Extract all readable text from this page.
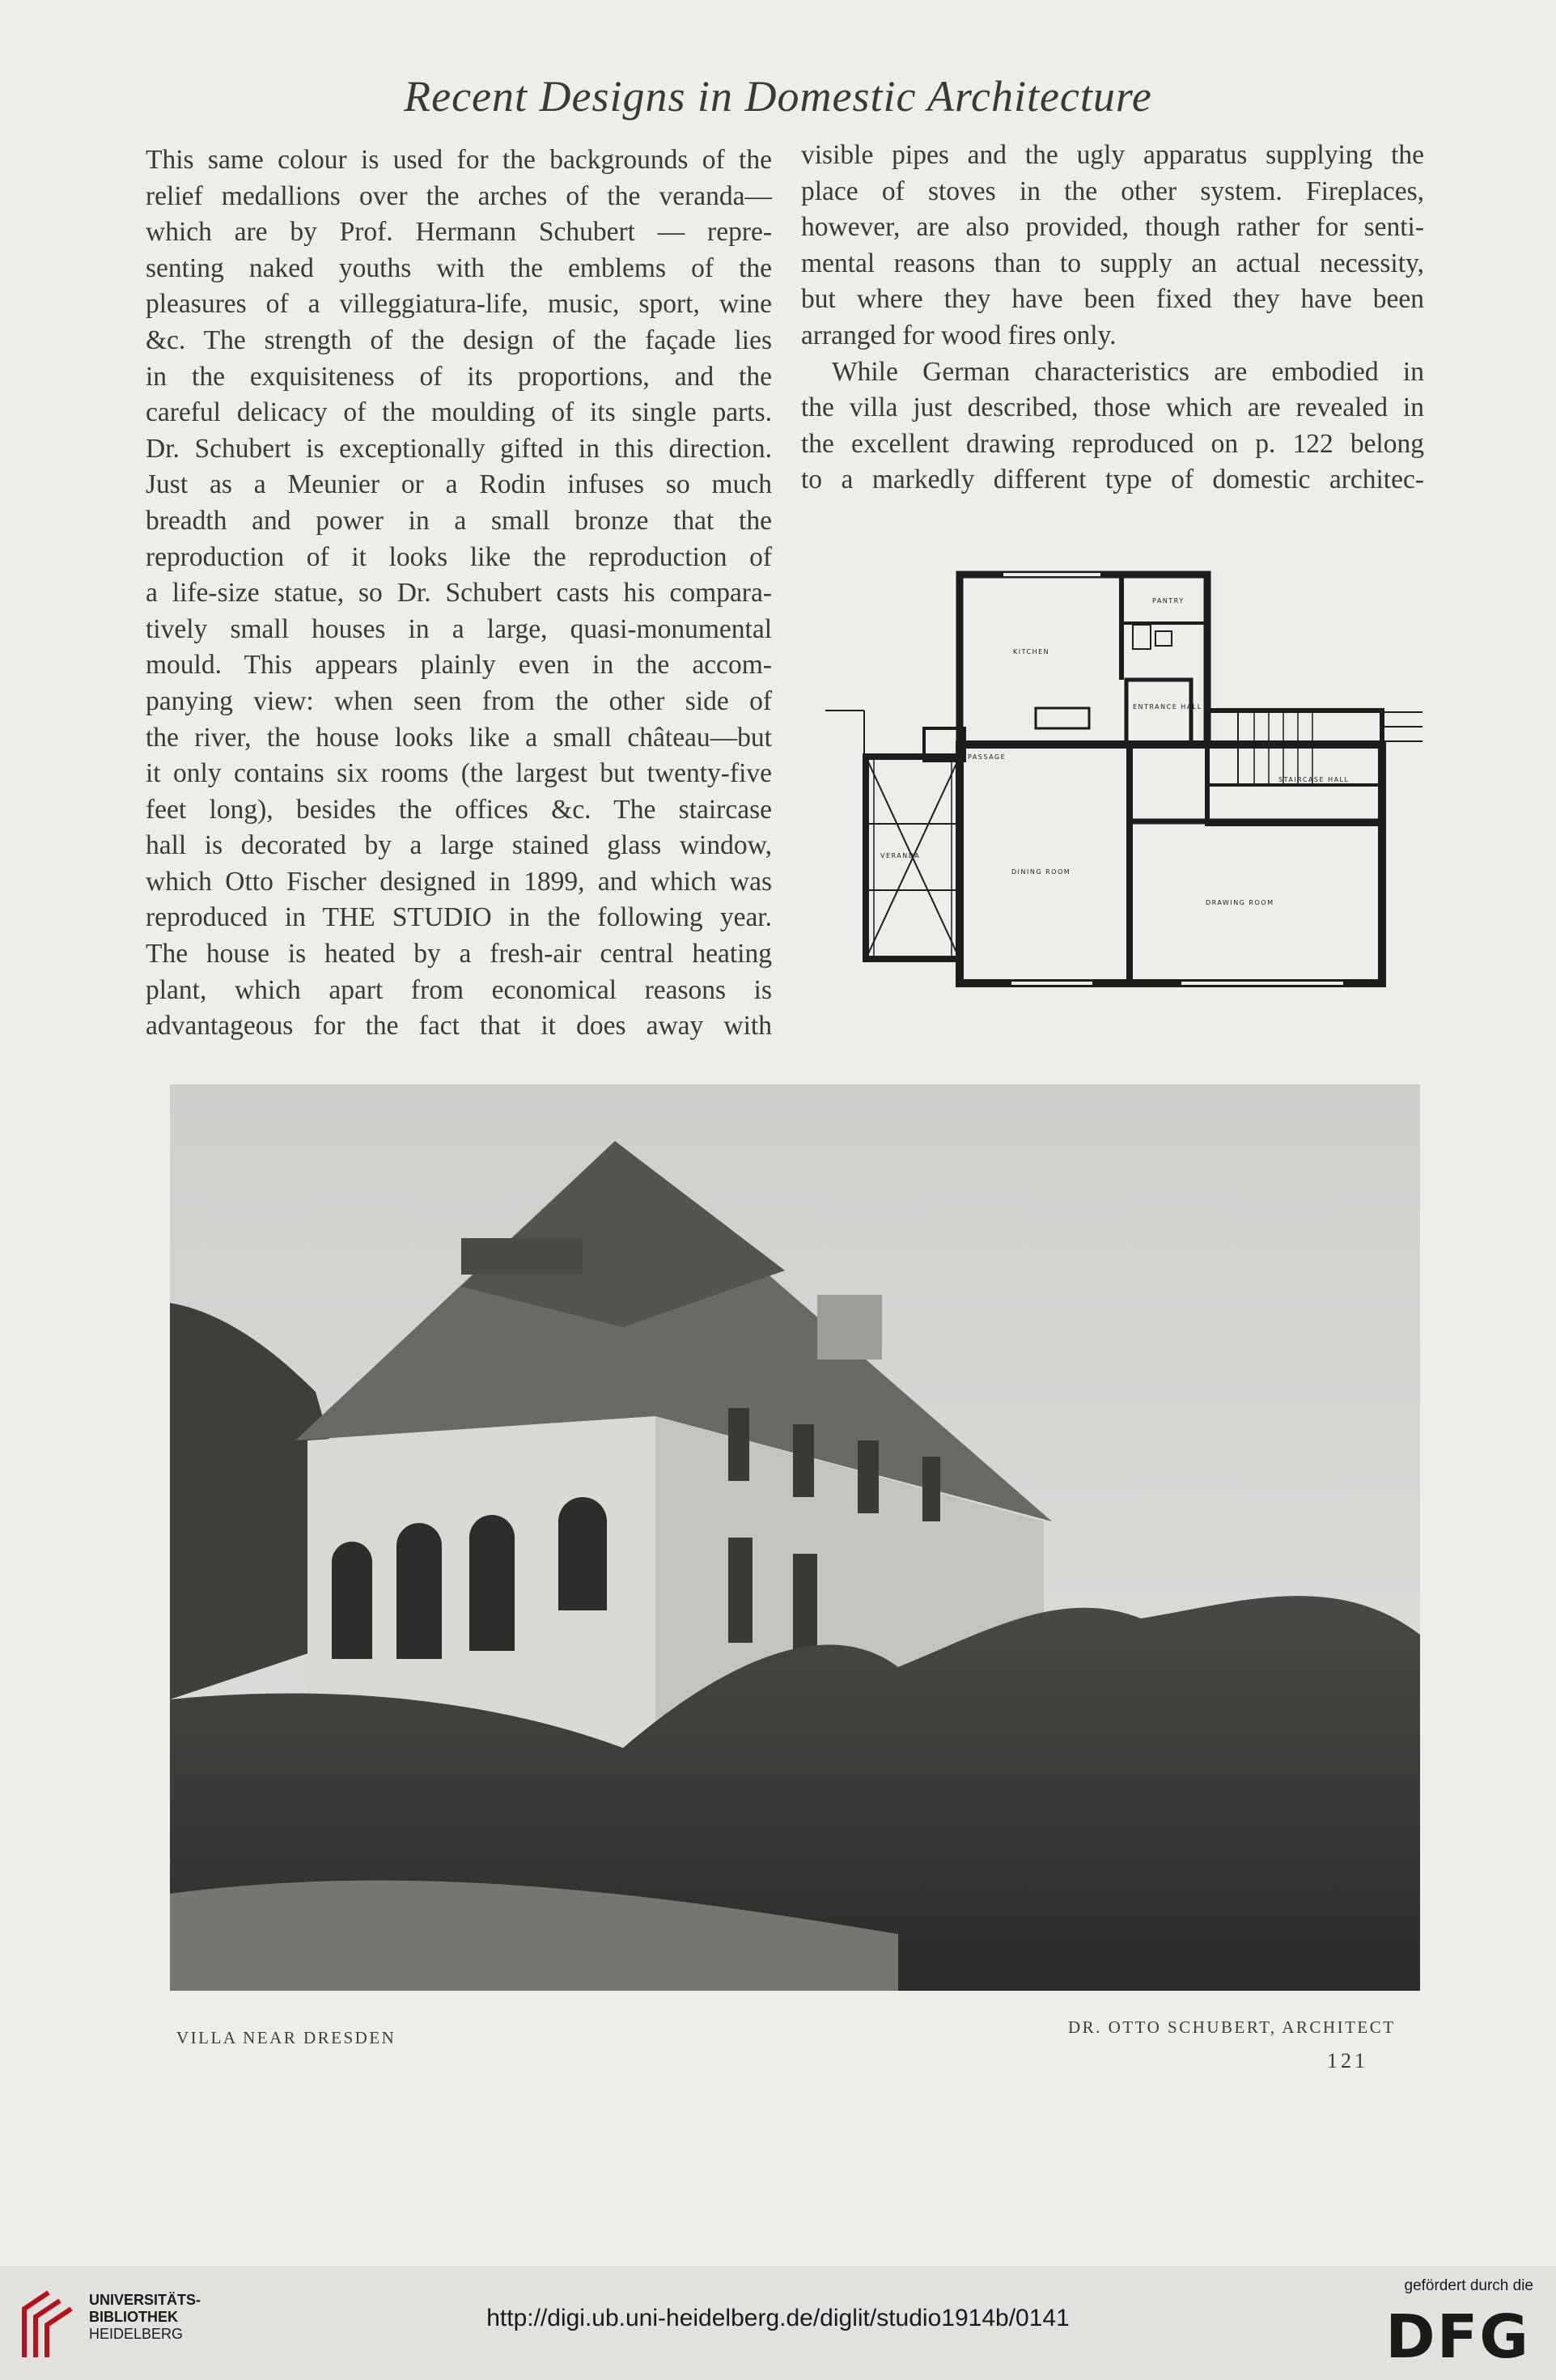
Recent Designs in Domestic Architecture
This same colour is used for the backgrounds of the
relief medallions over the arches of the veranda—
which are by Prof. Hermann Schubert — repre-
senting naked youths with the emblems of the
pleasures of a villeggiatura-life, music, sport, wine
&c. The strength of the design of the façade lies
in the exquisiteness of its proportions, and the
careful delicacy of the moulding of its single parts.
Dr. Schubert is exceptionally gifted in this direction.
Just as a Meunier or a Rodin infuses so much
breadth and power in a small bronze that the
reproduction of it looks like the reproduction of
a life-size statue, so Dr. Schubert casts his compara-
tively small houses in a large, quasi-monumental
mould. This appears plainly even in the accom-
panying view: when seen from the other side of
the river, the house looks like a small château—but
it only contains six rooms (the largest but twenty-five
feet long), besides the offices &c. The staircase
hall is decorated by a large stained glass window,
which Otto Fischer designed in 1899, and which was
reproduced in THE STUDIO in the following year.
The house is heated by a fresh-air central heating
plant, which apart from economical reasons is
advantageous for the fact that it does away with
visible pipes and the ugly apparatus supplying the
place of stoves in the other system. Fireplaces,
however, are also provided, though rather for senti-
mental reasons than to supply an actual necessity,
but where they have been fixed they have been
arranged for wood fires only.
While German characteristics are embodied in
the villa just described, those which are revealed in
the excellent drawing reproduced on p. 122 belong
to a markedly different type of domestic architec-
PANTRY
KITCHEN
ENTRANCE HALL
PASSAGE
STAIRCASE HALL
VERANDA
DINING ROOM
DRAWING ROOM
VILLA NEAR DRESDEN
DR. OTTO SCHUBERT, ARCHITECT
121
UNIVERSITÄTS-
BIBLIOTHEK
HEIDELBERG
http://digi.ub.uni-heidelberg.de/diglit/studio1914b/0141
gefördert durch die
DFG
